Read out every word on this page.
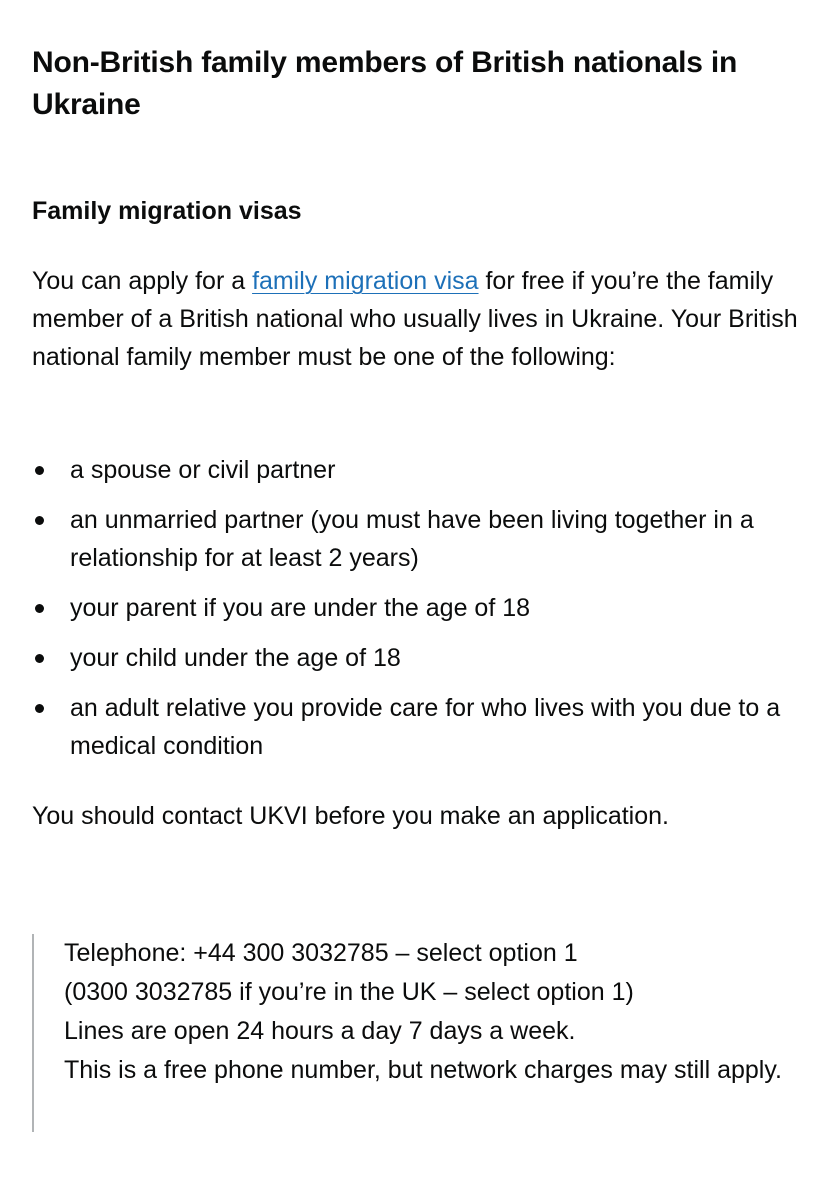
Non-British family members of British nationals in Ukraine
Family migration visas

You can apply for a family migration visa for free if you’re the family member of a British national who usually lives in Ukraine. Your British national family member must be one of the following:

a spouse or civil partner
an unmarried partner (you must have been living together in a relationship for at least 2 years)
your parent if you are under the age of 18
your child under the age of 18
an adult relative you provide care for who lives with you due to a medical condition

You should contact UKVI before you make an application.

Telephone: +44 300 3032785 – select option 1
(0300 3032785 if you’re in the UK – select option 1)
Lines are open 24 hours a day 7 days a week.
This is a free phone number, but network charges may still apply.
